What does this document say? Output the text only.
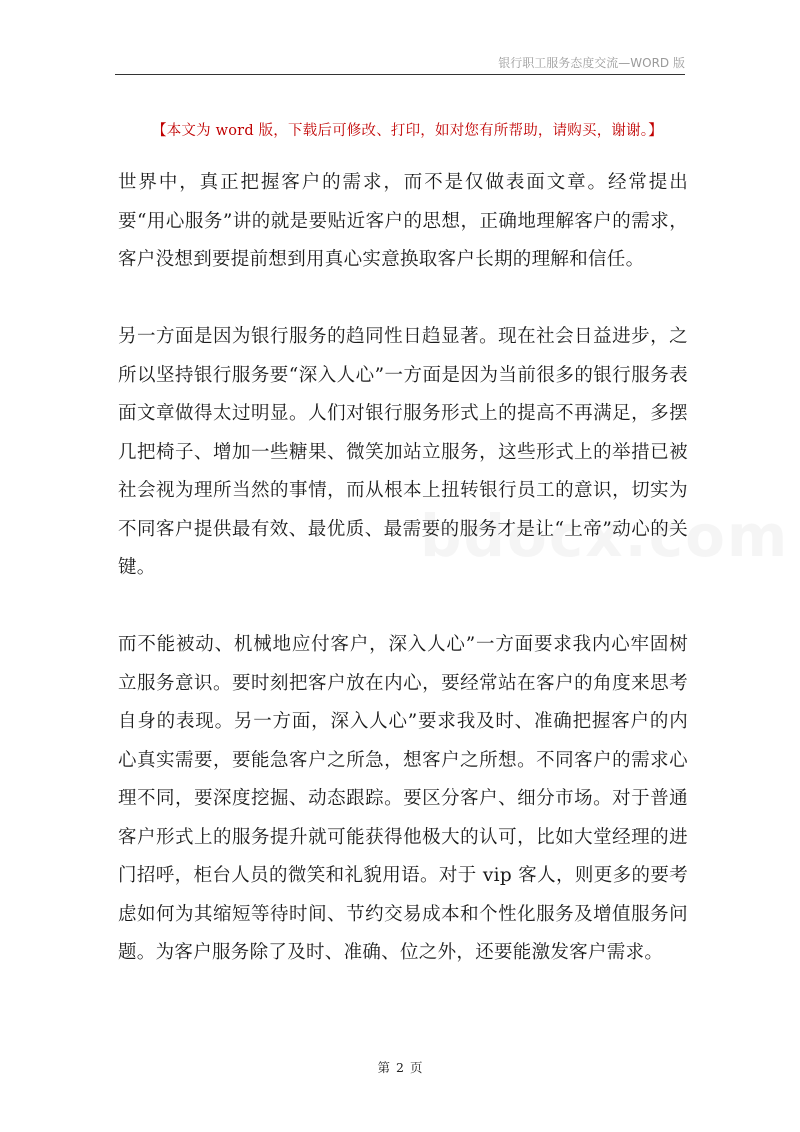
银行职工服务态度交流—WORD 版
【本文为 word 版，下载后可修改、打印，如对您有所帮助，请购买，谢谢。】

世界中，真正把握客户的需求，而不是仅做表面文章。经常提出要“用心服务”讲的就是要贴近客户的思想，正确地理解客户的需求，客户没想到要提前想到用真心实意换取客户长期的理解和信任。

另一方面是因为银行服务的趋同性日趋显著。现在社会日益进步，之所以坚持银行服务要“深入人心”一方面是因为当前很多的银行服务表面文章做得太过明显。人们对银行服务形式上的提高不再满足，多摆几把椅子、增加一些糖果、微笑加站立服务，这些形式上的举措已被社会视为理所当然的事情，而从根本上扭转银行员工的意识，切实为不同客户提供最有效、最优质、最需要的服务才是让“上帝”动心的关键。

而不能被动、机械地应付客户，深入人心”一方面要求我内心牢固树立服务意识。要时刻把客户放在内心，要经常站在客户的角度来思考自身的表现。另一方面，深入人心”要求我及时、准确把握客户的内心真实需要，要能急客户之所急，想客户之所想。不同客户的需求心理不同，要深度挖掘、动态跟踪。要区分客户、细分市场。对于普通客户形式上的服务提升就可能获得他极大的认可，比如大堂经理的进门招呼，柜台人员的微笑和礼貌用语。对于 vip 客人，则更多的要考虑如何为其缩短等待时间、节约交易成本和个性化服务及增值服务问题。为客户服务除了及时、准确、位之外，还要能激发客户需求。

第 2 页
